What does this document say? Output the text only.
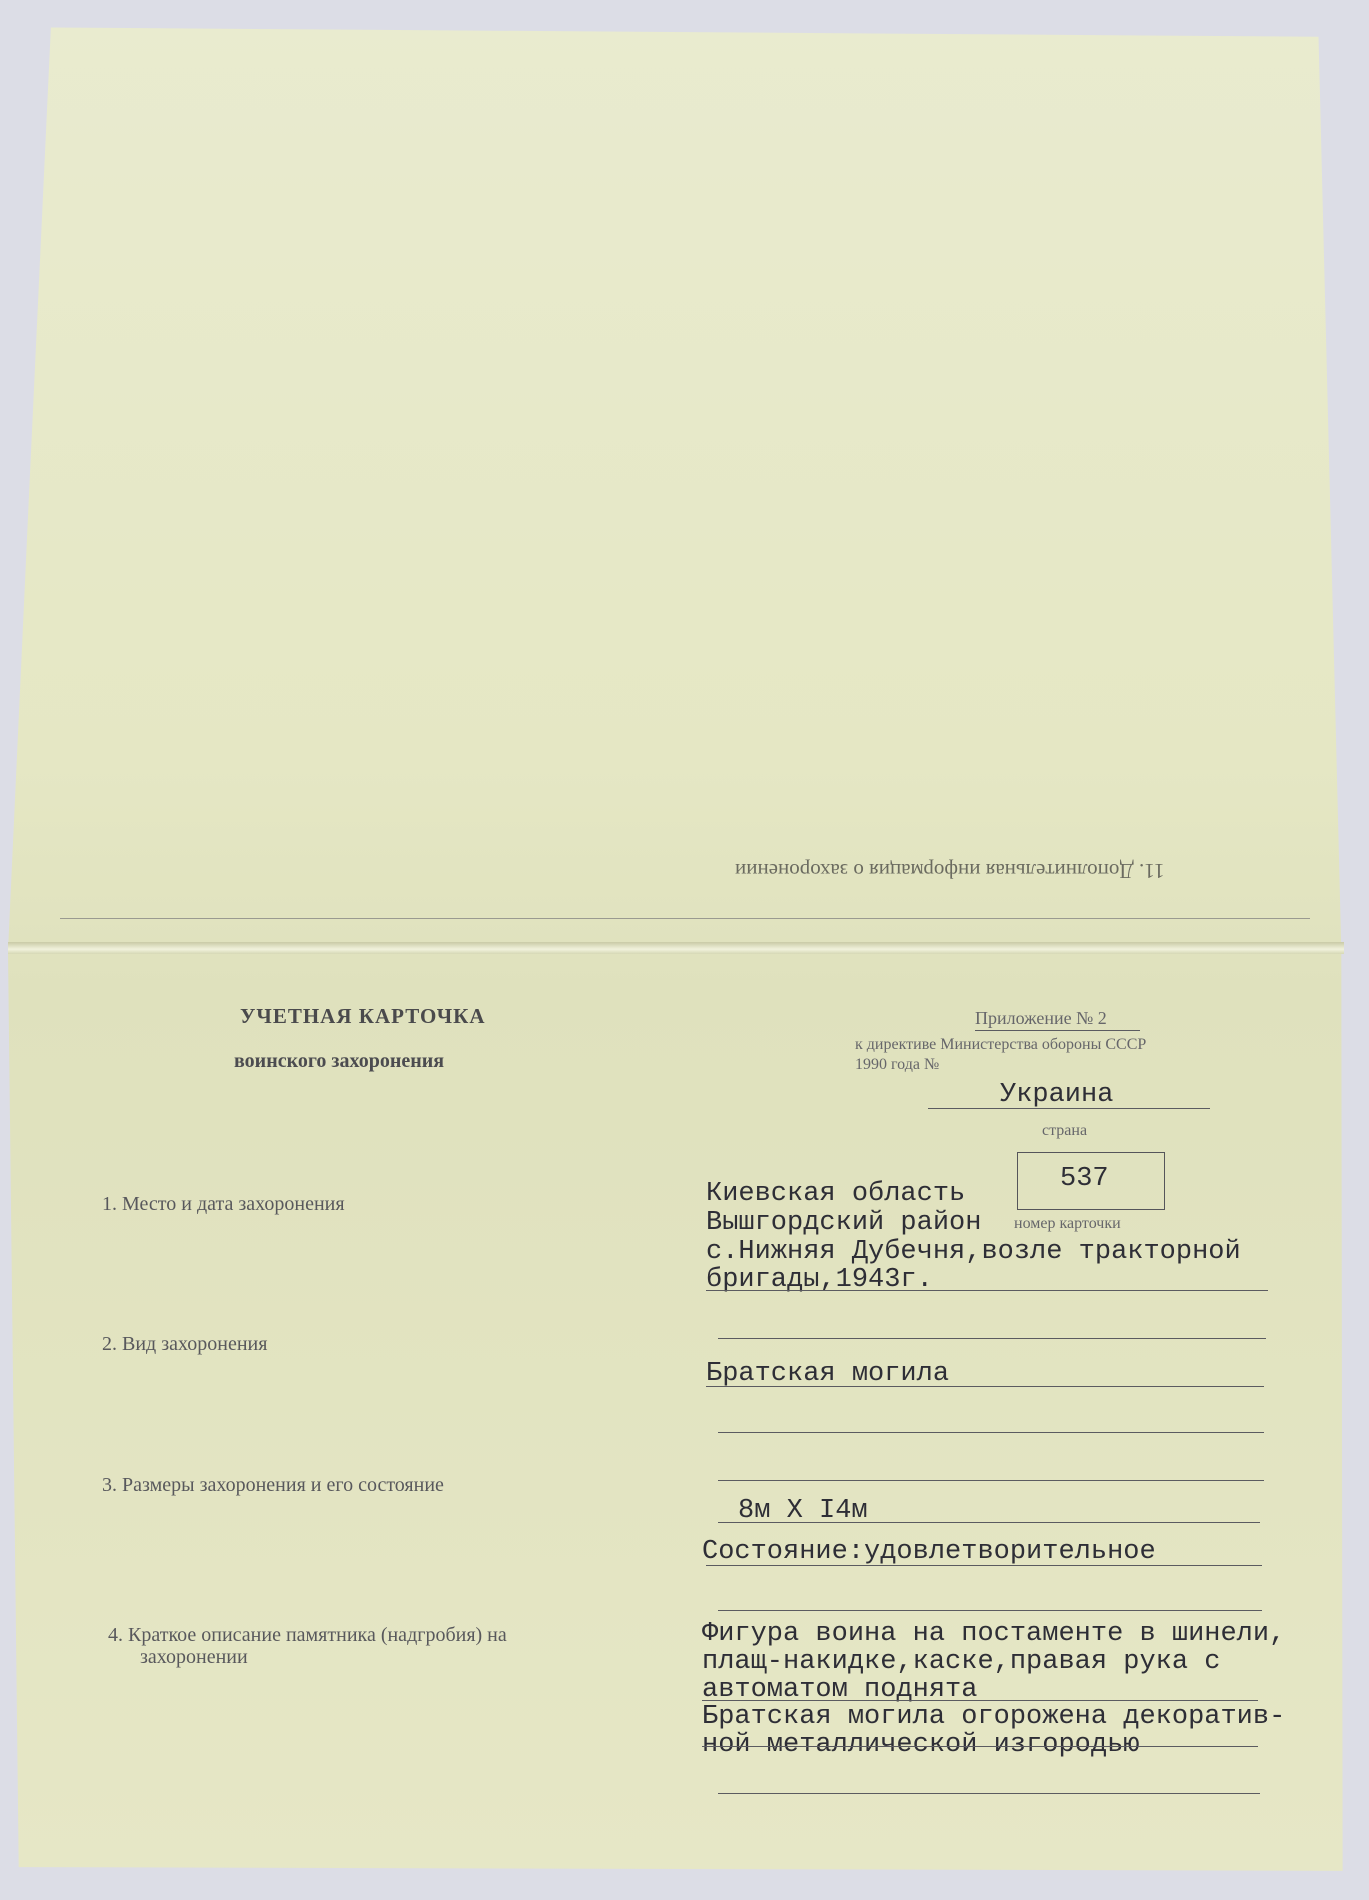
11. Дополнительная информация о захоронении
УЧЕТНАЯ КАРТОЧКА
воинского захоронения
Приложение № 2
к директиве Министерства обороны СССР
1990 года №
Украина
страна
537
номер карточки
1. Место и дата захоронения	Киевская область
Вышгордский район
с.Нижняя Дубечня,возле тракторной
бригады,1943г.
2. Вид захоронения
Братская могила
3. Размеры захоронения и его состояние
8м X I4м
Состояние:удовлетворительное
4. Краткое описание памятника (надгробия) на
захоронении
Фигура воина на постаменте в шинели,
плащ-накидке,каске,правая рука с
автоматом поднята
Братская могила огорожена декоратив-
ной металлической изгородью
